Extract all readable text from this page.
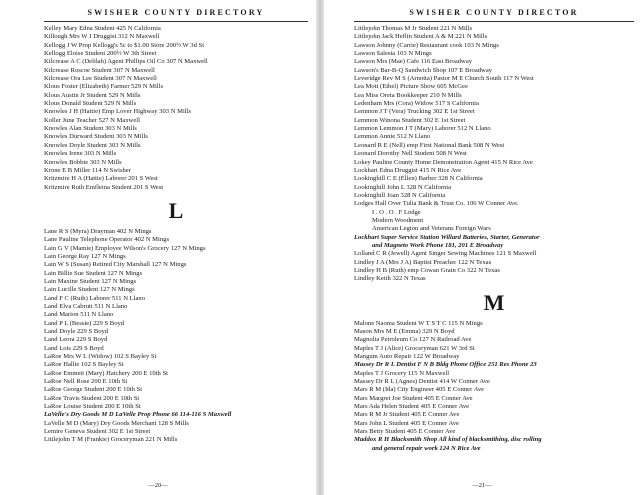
SWISHER COUNTY DIRECTORY
Kelley Mary Edna Student 425 N California
Killough Mrs W J Druggist 312 N Maxwell
Kellogg J W Prop Kellogg's 5c to $1.00 Store 200½ W 3d St
Kellogg Eloise Student 200½ W 3th Street
Kilcrease A C (Delilah) Agent Phillips Oil Co 307 N Maxwell
Kilcrease Roscoe Student 307 N Maxwell
Kilcrease Ora Lee Student 307 N Maxwell
Klous Foster (Elizabeth) Farmer 529 N Mills
Klous Austin Jr Student 529 N Mills
Klous Donald Student 529 N Mills
Knowles J H (Hattie) Emp Lover Highway 303 N Mills
Koller June Teacher 527 N Maxwell
Knowles Alan Student 303 N Mills
Knowles Durward Student 303 N Mills
Knowles Doyle Student 303 N Mills
Knowles Irene 303 N Mills
Knowles Bobbie 303 N Mills
Krone E B Miller 114 N Swisher
Kritzmire H A (Hattie) Laborer 201 S West
Kritzmire Ruth Emfleina Student 201 S West
L
Lane R S (Myra) Drayman 402 N Mings
Lane Pauline Telephone Operator 402 N Mings
Lain G V (Mamie) Employee Wilson's Grocery 127 N Mings
Lain George Ray 127 N Mings
Lain W S (Susan) Retired City Marshall 127 N Mings
Lain Billie Sue Student 127 N Mings
Lain Maxine Student 127 N Mings
Lain Lucille Student 127 N Mings
Land F C (Ruth) Laborer 511 N Llano
Land Elva Cabrutt 511 N Llano
Land Marion 511 N Llano
Land P L (Bessie) 229 S Boyd
Land Doyle 229 S Boyd
Land Leora 229 S Boyd
Land Lois 229 S Boyd
LaRoe Mrs W L (Widow) 102 S Bayley St
LaRoe Hallie 102 S Bayley St
LaRoe Emmett (Mary) Hatchery 200 E 10th St
LaRoe Nell Rose 200 E 10th St
LaRoe George Student 200 E 10th St
LaRoe Travis Student 200 E 10th St
LaRoe Louise Student 200 E 10th St
LaVelle's Dry Goods M D LaVelle Prop Phone 66 114-116 S Maxwell
LaVelle M D (Mary) Dry Goods Merchant 128 S Mills
Lemire Geneva Student 302 E 1st Street
Littlejohn T M (Frankie) Groceryman 221 N Mills
—20—
SWISHER COUNTY DIRECTOR
Littlejohn Thomas M Jr Student 221 N Mills
Littlejohn Jack Heflin Student A & M 221 N Mills
Lawson Johnny (Carrie) Restaurant cook 103 N Mings
Lawson Salesta 103 N Mings
Lawson Mrs (Mae) Cafe 116 East Broadway
Lawson's Bar-B-Q Sandwich Shop 107 E Broadway
Leveridge Rev M S (Arnotta) Pastor M E Church South 117 N West
Lea Mott (Ethel) Picture Show 605 McGee
Lea Miss Oreta Bookkeeper 210 N Mills
Ledenham Mrs (Cora) Widow 517 S California
Lemmon J T (Vera) Trucking 302 E 1st Street
Lemmon Winona Student 302 E 1st Street
Lemmon Lemmon J T (Mary) Laborer 512 N Llano
Lemmon Annie 512 N Llano
Leonard R E (Nell) emp First National Bank 508 N West
Leonard Dorothy Nell Student 508 N West
Lokey Pauline County Home Demonstration Agent 415 N Rice Ave
Lockhart Edna Druggist 415 N Rice Ave
Lookinghill C E (Ellen) Barber 328 N California
Lookinghill John L 328 N California
Lookinghill Joan 328 N California
Lodges Hall Over Tulia Bank & Trust Co. 106 W Conner Ave.
I . O . O . F Lodge
Modern Woodment
American Legion and Veterans Foreign Wars
Lockhart Super Service Station Willard Batteries, Starter, Generator
and Magneto Work Phone 181, 201 E Broadway
Lolland C R (Jewell) Agent Singer Sewing Machines 121 S Maxwell
Lindley J A (Mrs J A) Baptist Preacher 122 N Texas
Lindley H B (Ruth) emp Cowan Grain Co 322 N Texas
Lindley Keith 322 N Texas
M
Malone Naoma Student W T S T C 115 N Mings
Mason Mrs M E (Emma) 329 N Boyd
Magnolia Petroleum Co 127 N Railroad Ave
Maples T J (Alice) Groceryman 621 W 3rd St
Mangum Auto Repair 122 W Broadway
Massey Dr R L Dentist F N B Bldg Phone Office 251 Res Phone 23
Maples T J Grocery 115 N Maxwell
Massey Dr R L (Agnes) Dentist 414 W Conner Ave
Mars R M (Ida) City Engineer 405 E Conner Ave
Mars Margret Joe Student 405 E Conner Ave
Mars Ada Helen Student 405 E Conner Ave
Mars R M Jr Student 405 E Conner Ave
Mars John L Student 405 E Conner Ave
Mars Betty Student 405 E Conner Ave
Maddox R H Blacksmith Shop All kind of blacksmithing, disc rolling
and general repair work 124 N Rice Ave
—21—
